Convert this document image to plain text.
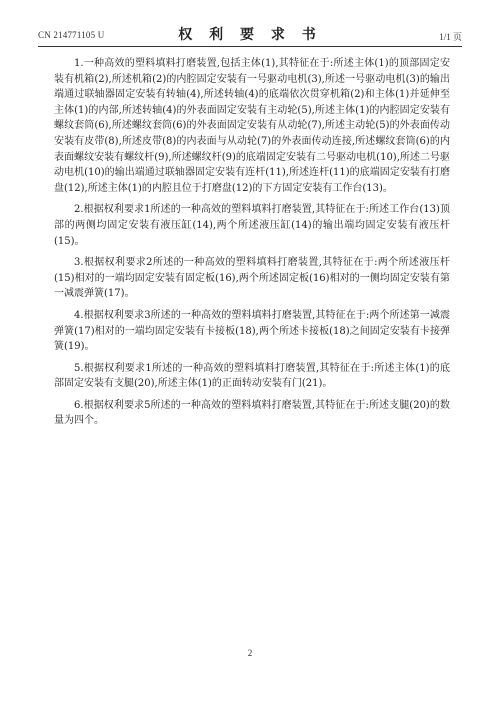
CN 214771105 U	权 利 要 求 书	1/1 页

1.一种高效的塑料填料打磨装置,包括主体(1),其特征在于:所述主体(1)的顶部固定安装有机箱(2),所述机箱(2)的内腔固定安装有一号驱动电机(3),所述一号驱动电机(3)的输出端通过联轴器固定安装有转轴(4),所述转轴(4)的底端依次贯穿机箱(2)和主体(1)并延伸至主体(1)的内部,所述转轴(4)的外表面固定安装有主动轮(5),所述主体(1)的内腔固定安装有螺纹套筒(6),所述螺纹套筒(6)的外表面固定安装有从动轮(7),所述主动轮(5)的外表面传动安装有皮带(8),所述皮带(8)的内表面与从动轮(7)的外表面传动连接,所述螺纹套筒(6)的内表面螺纹安装有螺纹杆(9),所述螺纹杆(9)的底端固定安装有二号驱动电机(10),所述二号驱动电机(10)的输出端通过联轴器固定安装有连杆(11),所述连杆(11)的底端固定安装有打磨盘(12),所述主体(1)的内腔且位于打磨盘(12)的下方固定安装有工作台(13)。

2.根据权利要求1所述的一种高效的塑料填料打磨装置,其特征在于:所述工作台(13)顶部的两侧均固定安装有液压缸(14),两个所述液压缸(14)的输出端均固定安装有液压杆(15)。

3.根据权利要求2所述的一种高效的塑料填料打磨装置,其特征在于:两个所述液压杆(15)相对的一端均固定安装有固定板(16),两个所述固定板(16)相对的一侧均固定安装有第一减震弹簧(17)。

4.根据权利要求3所述的一种高效的塑料填料打磨装置,其特征在于:两个所述第一减震弹簧(17)相对的一端均固定安装有卡接板(18),两个所述卡接板(18)之间固定安装有卡接弹簧(19)。

5.根据权利要求1所述的一种高效的塑料填料打磨装置,其特征在于:所述主体(1)的底部固定安装有支腿(20),所述主体(1)的正面转动安装有门(21)。

6.根据权利要求5所述的一种高效的塑料填料打磨装置,其特征在于:所述支腿(20)的数量为四个。

2
